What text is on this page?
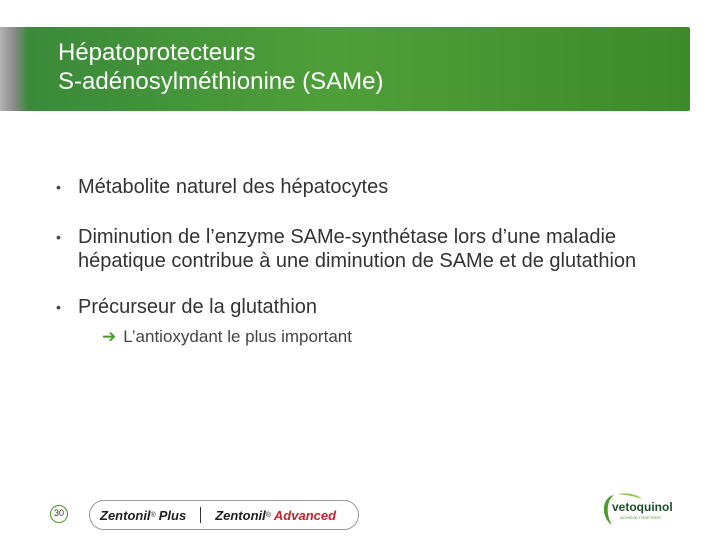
Hépatoprotecteurs
S-adénosylméthionine (SAMe)
• Métabolite naturel des hépatocytes
• Diminution de l’enzyme SAMe-synthétase lors d’une maladie hépatique contribue à une diminution de SAMe et de glutathion
• Précurseur de la glutathion
➔ L’antioxydant le plus important
30	Zentonil ® Plus Zentonil ® Advanced
vetoquinol
ACHIEVE TOGETHER
